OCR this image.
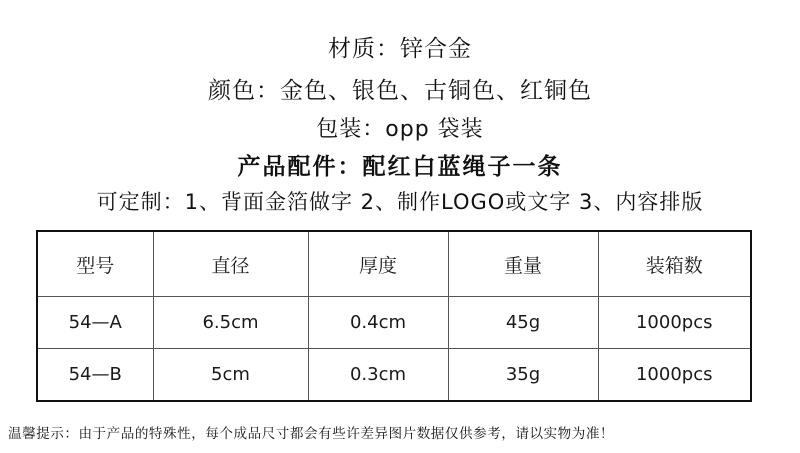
材质：锌合金
颜色：金色、银色、古铜色、红铜色
包装：opp 袋装
产品配件：配红白蓝绳子一条
可定制：1、背面金箔做字 2、制作LOGO或文字 3、内容排版
型号	直径	厚度	重量	装箱数
54—A	6.5cm	0.4cm	45g	1000pcs
54—B	5cm	0.3cm	35g	1000pcs
温馨提示：由于产品的特殊性，每个成品尺寸都会有些许差异图片数据仅供参考，请以实物为准！
